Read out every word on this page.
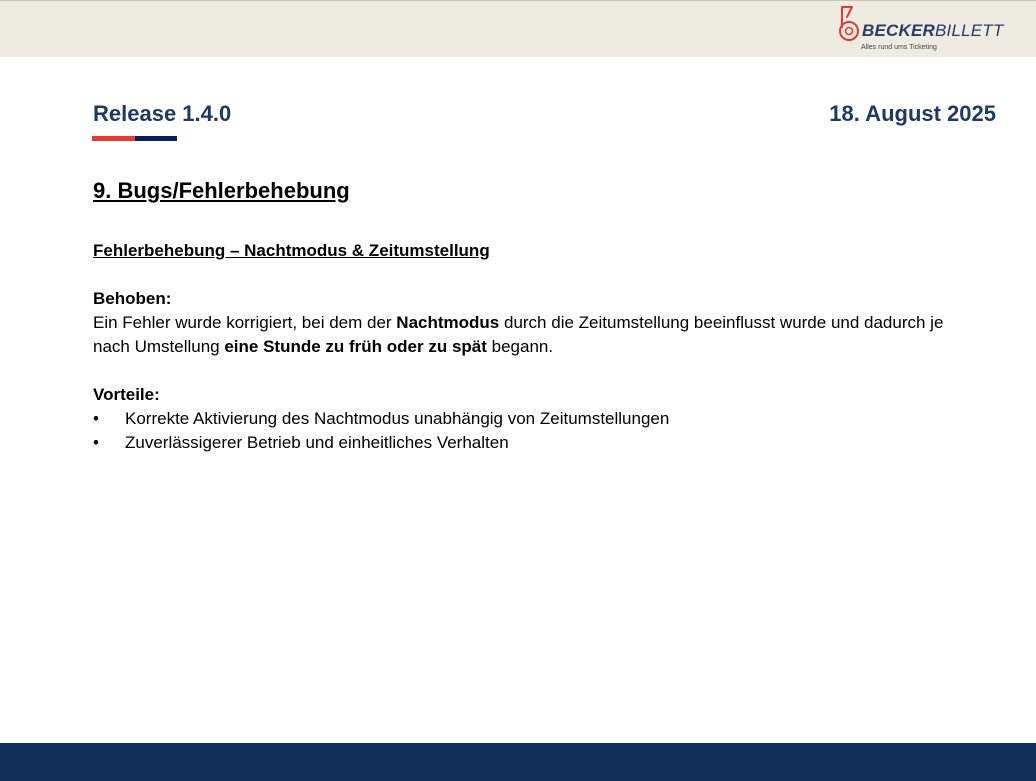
BECKERBILLETT
Alles rund ums Ticketing
Release 1.4.0	18. August 2025
9. Bugs/Fehlerbehebung
Fehlerbehebung – Nachtmodus & Zeitumstellung
Behoben:

Ein Fehler wurde korrigiert, bei dem der Nachtmodus durch die Zeitumstellung beeinflusst wurde und dadurch je nach Umstellung eine Stunde zu früh oder zu spät begann.

Vorteile:
• Korrekte Aktivierung des Nachtmodus unabhängig von Zeitumstellungen
• Zuverlässigerer Betrieb und einheitliches Verhalten
